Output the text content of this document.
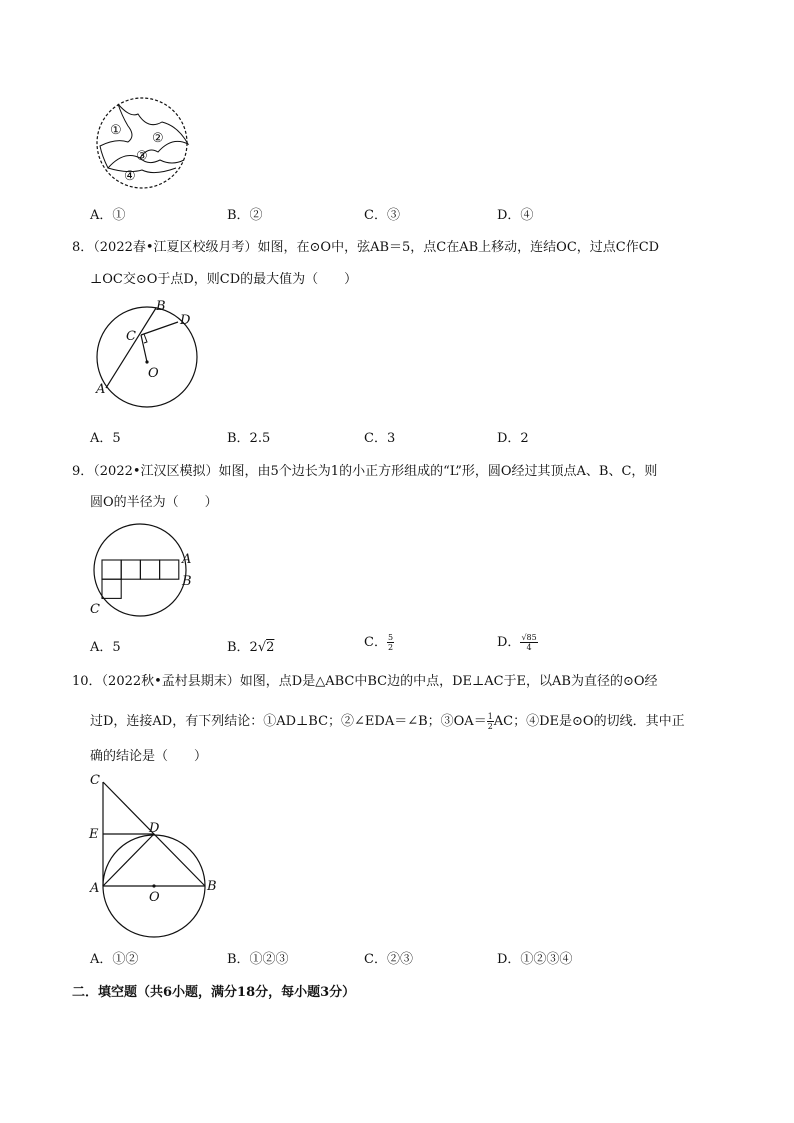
①
②
③
④
A．①	B．②	C．③	D．④
8．（2022春•江夏区校级月考）如图，在⊙O中，弦AB＝5，点C在AB上移动，连结OC，过点C作CD
⊥OC交⊙O于点D，则CD的最大值为（　　）
A
B
C
D
O
A．5	B．2.5	C．3	D．2
9．（2022•江汉区模拟）如图，由5个边长为1的小正方形组成的“L”形，圆O经过其顶点A、B、C，则
圆O的半径为（　　）
A
B
C
A．5	B．2√2	C． $\frac{5}{2}$	D． $\frac{√85}{4}$
10．（2022秋•孟村县期末）如图，点D是△ABC中BC边的中点，DE⊥AC于E，以AB为直径的⊙O经
过D，连接AD，有下列结论：①AD⊥BC；②∠EDA＝∠B；③OA＝ $\frac{1}{2}$ AC；④DE是⊙O的切线．其中正
确的结论是（　　）
C
E	D
A	B
O
A．①②	B．①②③	C．②③	D．①②③④
二．填空题（共6小题，满分18分，每小题3分）
